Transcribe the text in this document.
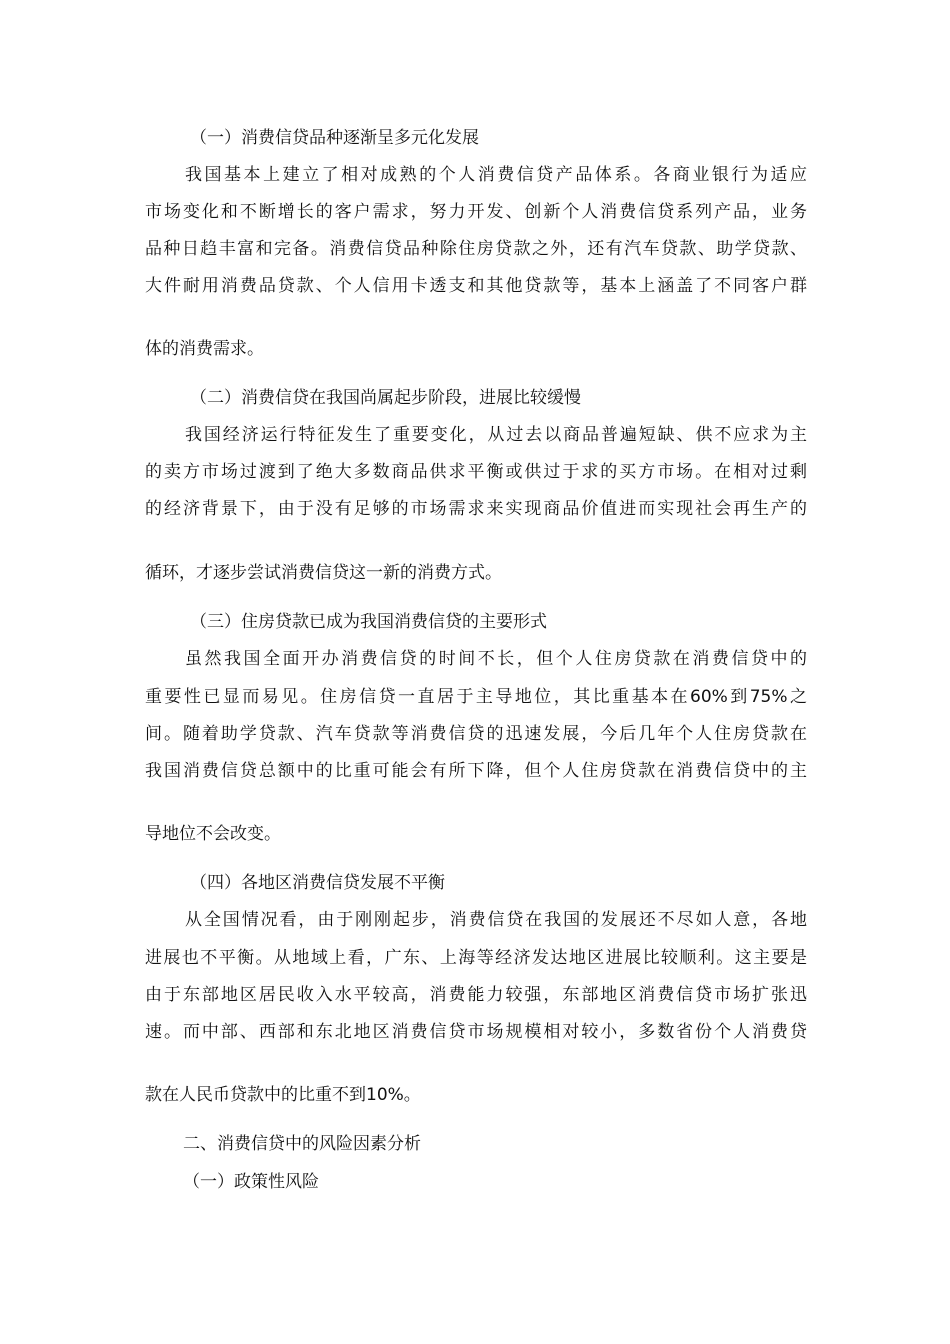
（一）消费信贷品种逐渐呈多元化发展
我国基本上建立了相对成熟的个人消费信贷产品体系。各商业银行为适应
市场变化和不断增长的客户需求，努力开发、创新个人消费信贷系列产品，业务
品种日趋丰富和完备。消费信贷品种除住房贷款之外，还有汽车贷款、助学贷款、
大件耐用消费品贷款、个人信用卡透支和其他贷款等，基本上涵盖了不同客户群
体的消费需求。
（二）消费信贷在我国尚属起步阶段，进展比较缓慢
我国经济运行特征发生了重要变化，从过去以商品普遍短缺、供不应求为主
的卖方市场过渡到了绝大多数商品供求平衡或供过于求的买方市场。在相对过剩
的经济背景下，由于没有足够的市场需求来实现商品价值进而实现社会再生产的
循环，才逐步尝试消费信贷这一新的消费方式。
（三）住房贷款已成为我国消费信贷的主要形式
虽然我国全面开办消费信贷的时间不长，但个人住房贷款在消费信贷中的
重要性已显而易见。住房信贷一直居于主导地位，其比重基本在60%到75%之
间。随着助学贷款、汽车贷款等消费信贷的迅速发展，今后几年个人住房贷款在
我国消费信贷总额中的比重可能会有所下降，但个人住房贷款在消费信贷中的主
导地位不会改变。
（四）各地区消费信贷发展不平衡
从全国情况看，由于刚刚起步，消费信贷在我国的发展还不尽如人意，各地
进展也不平衡。从地域上看，广东、上海等经济发达地区进展比较顺利。这主要是
由于东部地区居民收入水平较高，消费能力较强，东部地区消费信贷市场扩张迅
速。而中部、西部和东北地区消费信贷市场规模相对较小，多数省份个人消费贷
款在人民币贷款中的比重不到10%。
二、消费信贷中的风险因素分析
（一）政策性风险
